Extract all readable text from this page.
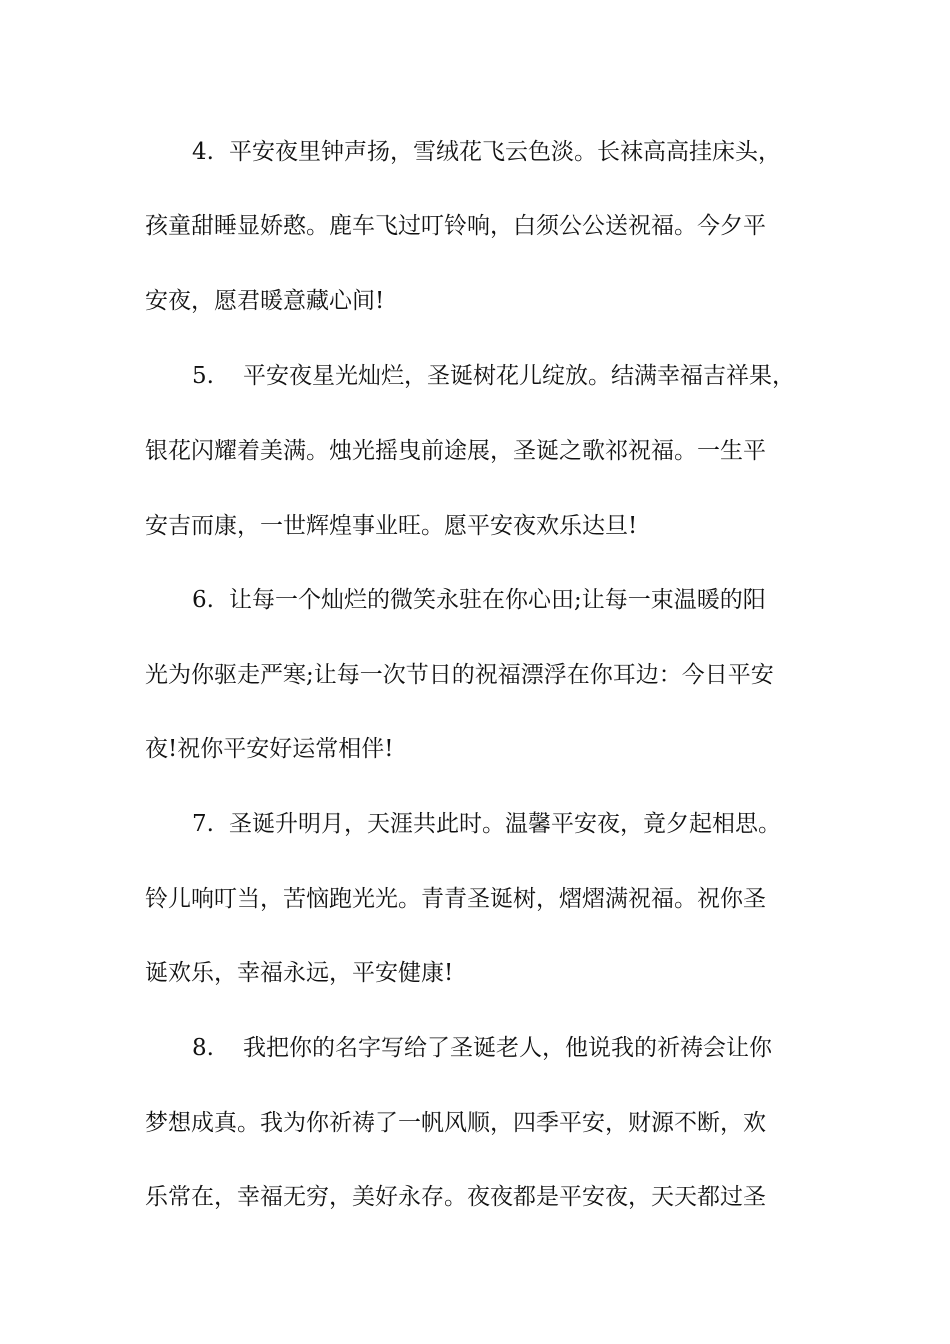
4. 平安夜里钟声扬，雪绒花飞云色淡。长袜高高挂床头，
孩童甜睡显娇憨。鹿车飞过叮铃响，白须公公送祝福。今夕平
安夜，愿君暖意藏心间!
5. 平安夜星光灿烂，圣诞树花儿绽放。结满幸福吉祥果，
银花闪耀着美满。烛光摇曳前途展，圣诞之歌祁祝福。一生平
安吉而康，一世辉煌事业旺。愿平安夜欢乐达旦!
6. 让每一个灿烂的微笑永驻在你心田;让每一束温暖的阳
光为你驱走严寒;让每一次节日的祝福漂浮在你耳边：今日平安
夜!祝你平安好运常相伴!
7. 圣诞升明月，天涯共此时。温馨平安夜，竟夕起相思。
铃儿响叮当，苦恼跑光光。青青圣诞树，熠熠满祝福。祝你圣
诞欢乐，幸福永远，平安健康!
8. 我把你的名字写给了圣诞老人，他说我的祈祷会让你
梦想成真。我为你祈祷了一帆风顺，四季平安，财源不断，欢
乐常在，幸福无穷，美好永存。夜夜都是平安夜，天天都过圣
